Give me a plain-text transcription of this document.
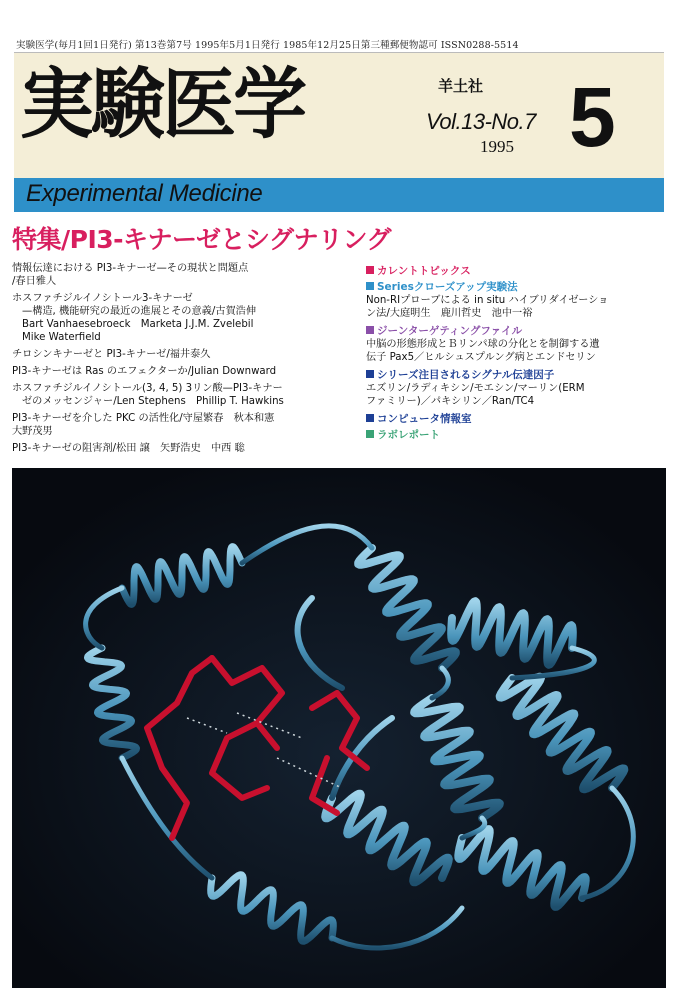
実験医学(毎月1回1日発行) 第13巻第7号 1995年5月1日発行 1985年12月25日第三種郵便物認可 ISSN0288-5514
実験医学	羊土社
Vol.13-No.7
1995 5
Experimental Medicine
特集/PI3-キナーゼとシグナリング
情報伝達における PI3-キナーゼ—その現状と問題点
/春日雅人
ホスファチジルイノシトール3-キナーゼ
—構造, 機能研究の最近の進展とその意義/古賀浩伸
Bart Vanhaesebroeck　Marketa J.J.M. Zvelebil
Mike Waterfield
チロシンキナーゼと PI3-キナーゼ/福井泰久
PI3-キナーゼは Ras のエフェクターか/Julian Downward
ホスファチジルイノシトール(3, 4, 5) 3リン酸—PI3-キナー
ゼのメッセンジャー/Len Stephens　Phillip T. Hawkins
PI3-キナーゼを介した PKC の活性化/守屋繁春　秋本和憲
大野茂男
PI3-キナーゼの阻害剤/松田 譲　矢野浩史　中西 聡
カレントトピックス
Seriesクローズアップ実験法
Non-RIプローブによる in situ ハイブリダイゼーショ
ン法/大庭明生　鹿川哲史　池中一裕
ジーンターゲティングファイル
中脳の形態形成とＢリンパ球の分化とを制御する遺
伝子 Pax5／ヒルシュスプルング病とエンドセリン
シリーズ注目されるシグナル伝達因子
エズリン/ラディキシン/モエシン/マーリン(ERM
ファミリー)／パキシリン／Ran/TC4
コンピュータ情報室
ラボレポート
